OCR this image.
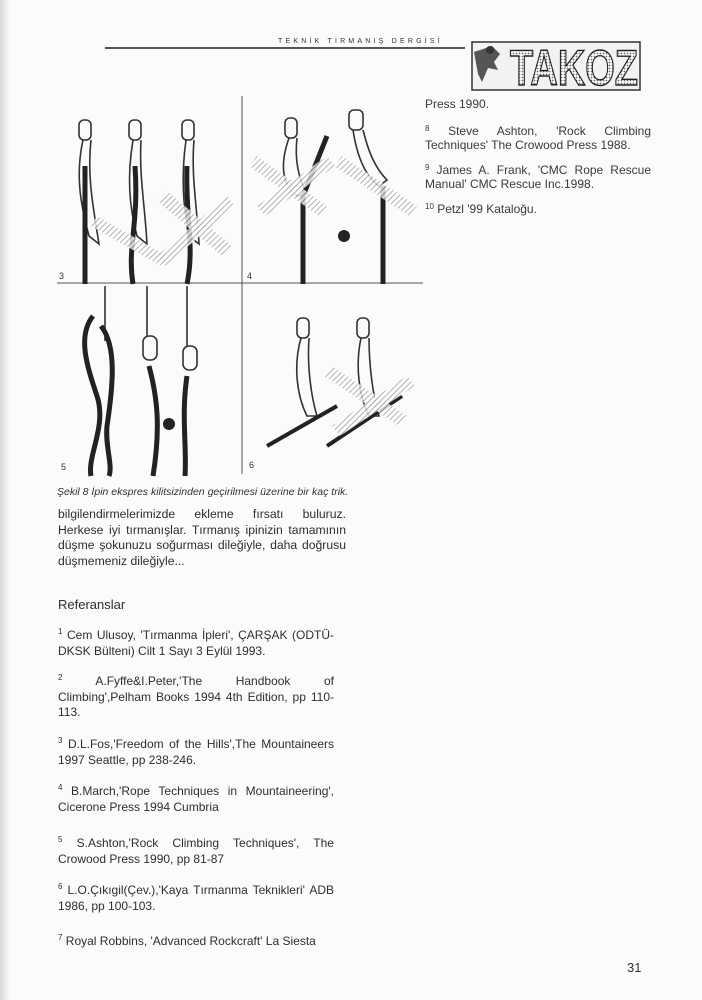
TEKNİK TIRMANIŞ DERGİSİ TAKOZ
3	4
5	6
Şekil 8 İpin ekspres kilitsizinden geçirilmesi üzerine bir kaç trik.
bilgilendirmelerimizde ekleme fırsatı buluruz. Herkese iyi tırmanışlar. Tırmanış ipinizin tamamının düşme şokunuzu soğurması dileğiyle, daha doğrusu düşmemeniz dileğiyle...
Referanslar
$^1$ Cem Ulusoy, 'Tırmanma İpleri', ÇARŞAK (ODTÜ-DKSK Bülteni) Cilt 1 Sayı 3 Eylül 1993.
$^2$	A.Fyffe&I.Peter,'The Handbook of Climbing',Pelham Books 1994 4th Edition, pp 110-113.
$^3$ D.L.Fos,'Freedom of the Hills',The Mountaineers 1997 Seattle, pp 238-246.
$^4$ B.March,'Rope Techniques in Mountaineering', Cicerone Press 1994 Cumbria
$^5$ S.Ashton,'Rock Climbing Techniques', The Crowood Press 1990, pp 81-87
$^6$ L.O.Çıkıgil(Çev.),'Kaya Tırmanma Teknikleri' ADB 1986, pp 100-103.
$^7$ Royal Robbins, 'Advanced Rockcraft' La Siesta
Press 1990.
$^8$ Steve Ashton, 'Rock Climbing Techniques' The Crowood Press 1988.
$^9$ James A. Frank, 'CMC Rope Rescue Manual' CMC Rescue Inc.1998.
$^{10}$ Petzl '99 Kataloğu.
31
